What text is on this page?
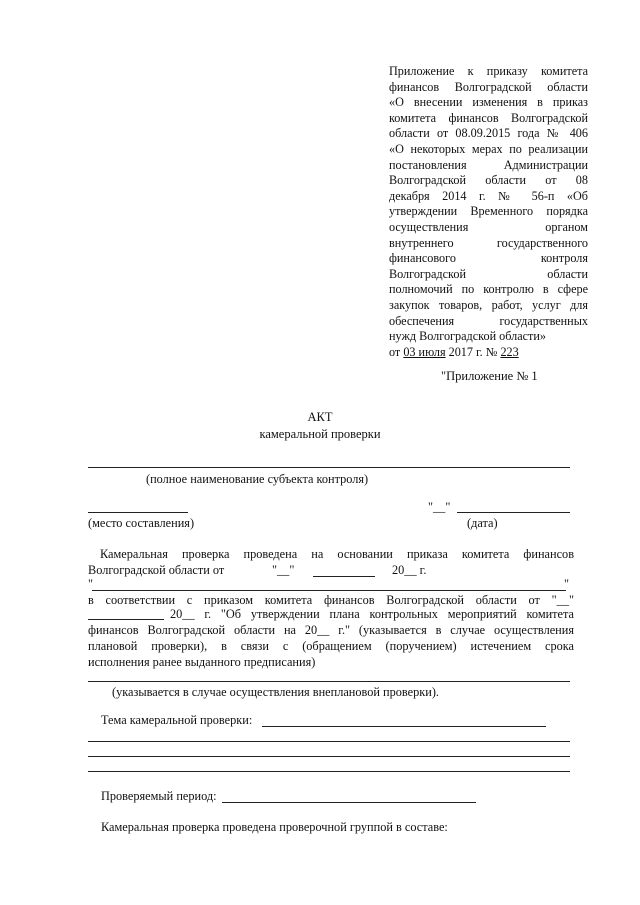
Приложение к приказу комитета
финансов Волгоградской области
«О внесении изменения в приказ
комитета финансов Волгоградской
области от 08.09.2015 года № 406
«О некоторых мерах по реализации
постановления Администрации
Волгоградской области от 08
декабря 2014 г. № 56-п «Об
утверждении Временного порядка
осуществления органом
внутреннего государственного
финансового контроля
Волгоградской области
полномочий по контролю в сфере
закупок товаров, работ, услуг для
обеспечения государственных
нужд Волгоградской области»
от 03 июля 2017 г. № 223
"Приложение № 1
АКТ
камеральной проверки
(полное наименование субъекта контроля)
"__"
(место составления)	(дата)
Камеральная проверка проведена на основании приказа комитета финансов
Волгоградской области от	"__"	20__ г.
"	"
в соответствии с приказом комитета финансов Волгоградской области от "__"
20__ г. "Об утверждении плана контрольных мероприятий комитета
финансов Волгоградской области на 20__ г." (указывается в случае осуществления
плановой проверки), в связи с (обращением (поручением) истечением срока
исполнения ранее выданного предписания)
(указывается в случае осуществления внеплановой проверки).
Тема камеральной проверки:
Проверяемый период:
Камеральная проверка проведена проверочной группой в составе:
